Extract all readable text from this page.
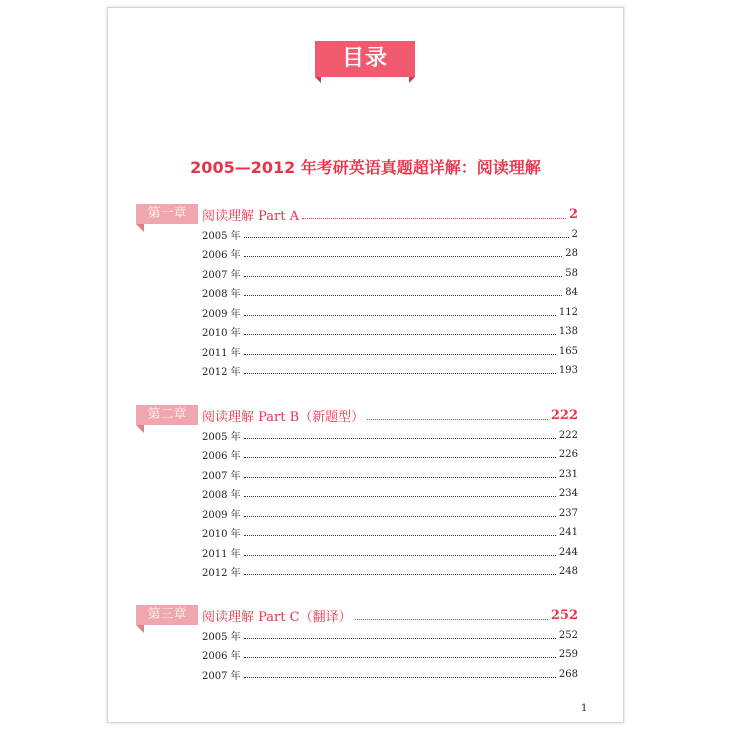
目录
2005—2012 年考研英语真题超详解：阅读理解
第一章	阅读理解 Part A	2
2005 年	2
2006 年	28
2007 年	58
2008 年	84
2009 年	112
2010 年	138
2011 年	165
2012 年	193
第二章	阅读理解 Part B（新题型）	222
2005 年	222
2006 年	226
2007 年	231
2008 年	234
2009 年	237
2010 年	241
2011 年	244
2012 年	248
第三章	阅读理解 Part C（翻译）	252
2005 年	252
2006 年	259
2007 年	268
1
